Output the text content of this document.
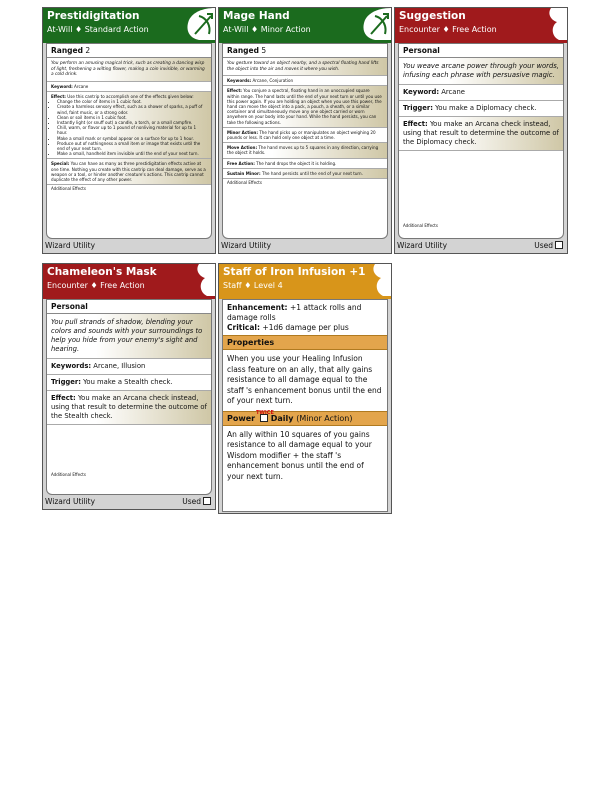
Prestidigitation
At-Will ♦ Standard Action
Ranged 2
You perform an amusing magical trick, such as creating a dancing wisp of light, freshening a wilting flower, making a coin invisible, or warming a cold drink.
Keyword: Arcane
Effect: Use this cantrip to accomplish one of the effects given below:
• Change the color of items in 1 cubic foot.
• Create a harmless sensory effect, such as a shower of sparks, a puff of wind, faint music, or a strong odor.
• Clean or soil items in 1 cubic foot.
• Instantly light (or snuff out) a candle, a torch, or a small campfire.
• Chill, warm, or flavor up to 1 pound of nonliving material for up to 1 hour.
• Make a small mark or symbol appear on a surface for up to 1 hour.
• Produce out of nothingness a small item or image that exists until the end of your next turn.
• Make a small, handheld item invisible until the end of your next turn.
Special: You can have as many as three prestidigitation effects active at one time. Nothing you create with this cantrip can deal damage, serve as a weapon or a tool, or hinder another creature's actions. This cantrip cannot duplicate the effect of any other power.
Additional Effects
Wizard Utility
Mage Hand
At-Will ♦ Minor Action
Ranged 5
You gesture toward an object nearby, and a spectral floating hand lifts the object into the air and moves it where you wish.
Keywords: Arcane, Conjuration
Effect: You conjure a spectral, floating hand in an unoccupied square within range. The hand lasts until the end of your next turn or until you use this power again. If you are holding an object when you use this power, the hand can move the object into a pack, a pouch, a sheath, or a similar container and simultaneously move any one object carried or worn anywhere on your body into your hand. While the hand persists, you can take the following actions.
Minor Action: The hand picks up or manipulates an object weighing 20 pounds or less. It can hold only one object at a time.
Move Action: The hand moves up to 5 squares in any direction, carrying the object it holds.
Free Action: The hand drops the object it is holding.
Sustain Minor: The hand persists until the end of your next turn.
Additional Effects
Wizard Utility
Suggestion
Encounter ♦ Free Action
Personal
You weave arcane power through your words, infusing each phrase with persuasive magic.
Keyword: Arcane
Trigger: You make a Diplomacy check.
Effect: You make an Arcana check instead, using that result to determine the outcome of the Diplomacy check.
Additional Effects
Wizard Utility	Used
Chameleon's Mask
Encounter ♦ Free Action
Personal
You pull strands of shadow, blending your colors and sounds with your surroundings to help you hide from your enemy's sight and hearing.
Keywords: Arcane, Illusion
Trigger: You make a Stealth check.
Effect: You make an Arcana check instead, using that result to determine the outcome of the Stealth check.
Additional Effects
Wizard Utility	Used
Staff of Iron Infusion +1
Staff ♦ Level 4
Enhancement: +1 attack rolls and damage rolls
Critical: +1d6 damage per plus
Properties
When you use your Healing Infusion class feature on an ally, that ally gains resistance to all damage equal to the staff 's enhancement bonus until the end of your next turn.
Power Daily (Minor Action)
TWICE
An ally within 10 squares of you gains resistance to all damage equal to your Wisdom modifier + the staff 's enhancement bonus until the end of your next turn.
